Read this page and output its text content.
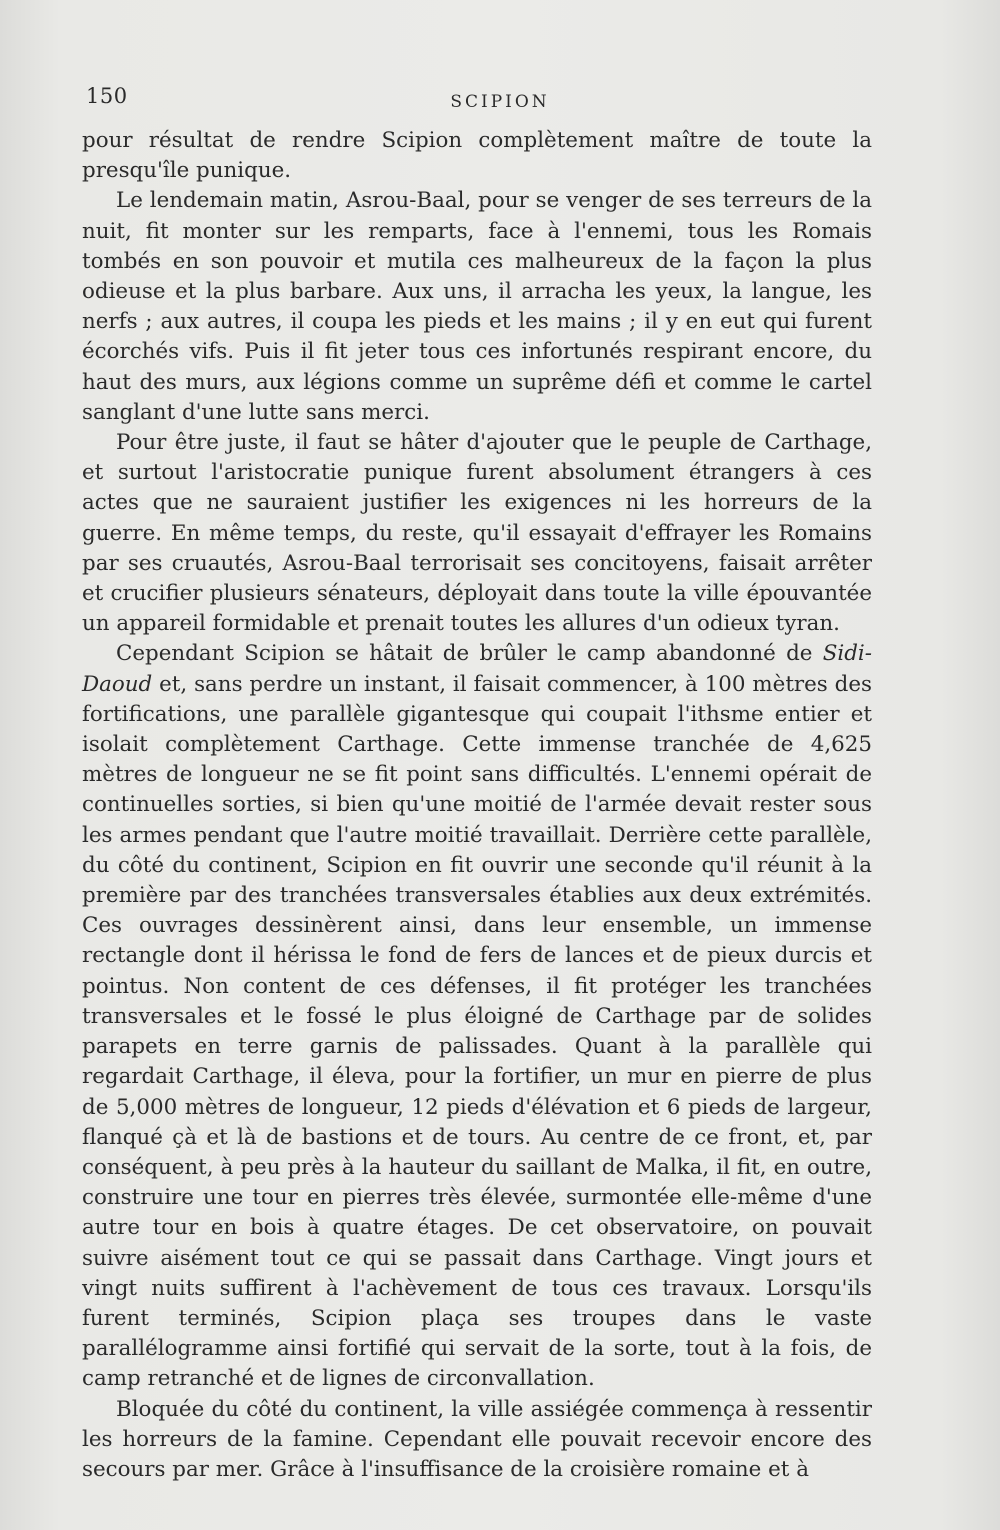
150	SCIPION

pour résultat de rendre Scipion complètement maître de toute la presqu'île punique.

Le lendemain matin, Asrou-Baal, pour se venger de ses terreurs de la nuit, fit monter sur les remparts, face à l'ennemi, tous les Romais tombés en son pouvoir et mutila ces malheureux de la façon la plus odieuse et la plus barbare. Aux uns, il arracha les yeux, la langue, les nerfs ; aux autres, il coupa les pieds et les mains ; il y en eut qui furent écorchés vifs. Puis il fit jeter tous ces infortunés respirant encore, du haut des murs, aux légions comme un suprême défi et comme le cartel sanglant d'une lutte sans merci.

Pour être juste, il faut se hâter d'ajouter que le peuple de Carthage, et surtout l'aristocratie punique furent absolument étrangers à ces actes que ne sauraient justifier les exigences ni les horreurs de la guerre. En même temps, du reste, qu'il essayait d'effrayer les Romains par ses cruautés, Asrou-Baal terrorisait ses concitoyens, faisait arrêter et crucifier plusieurs sénateurs, déployait dans toute la ville épouvantée un appareil formidable et prenait toutes les allures d'un odieux tyran.

Cependant Scipion se hâtait de brûler le camp abandonné de Sidi-Daoud et, sans perdre un instant, il faisait commencer, à 100 mètres des fortifications, une parallèle gigantesque qui coupait l'ithsme entier et isolait complètement Carthage. Cette immense tranchée de 4,625 mètres de longueur ne se fit point sans difficultés. L'ennemi opérait de continuelles sorties, si bien qu'une moitié de l'armée devait rester sous les armes pendant que l'autre moitié travaillait. Derrière cette parallèle, du côté du continent, Scipion en fit ouvrir une seconde qu'il réunit à la première par des tranchées transversales établies aux deux extrémités. Ces ouvrages dessinèrent ainsi, dans leur ensemble, un immense rectangle dont il hérissa le fond de fers de lances et de pieux durcis et pointus. Non content de ces défenses, il fit protéger les tranchées transversales et le fossé le plus éloigné de Carthage par de solides parapets en terre garnis de palissades. Quant à la parallèle qui regardait Carthage, il éleva, pour la fortifier, un mur en pierre de plus de 5,000 mètres de longueur, 12 pieds d'élévation et 6 pieds de largeur, flanqué çà et là de bastions et de tours. Au centre de ce front, et, par conséquent, à peu près à la hauteur du saillant de Malka, il fit, en outre, construire une tour en pierres très élevée, surmontée elle-même d'une autre tour en bois à quatre étages. De cet observatoire, on pouvait suivre aisément tout ce qui se passait dans Carthage. Vingt jours et vingt nuits suffirent à l'achèvement de tous ces travaux. Lorsqu'ils furent terminés, Scipion plaça ses troupes dans le vaste parallélogramme ainsi fortifié qui servait de la sorte, tout à la fois, de camp retranché et de lignes de circonvallation.

Bloquée du côté du continent, la ville assiégée commença à ressentir les horreurs de la famine. Cependant elle pouvait recevoir encore des secours par mer. Grâce à l'insuffisance de la croisière romaine et à
